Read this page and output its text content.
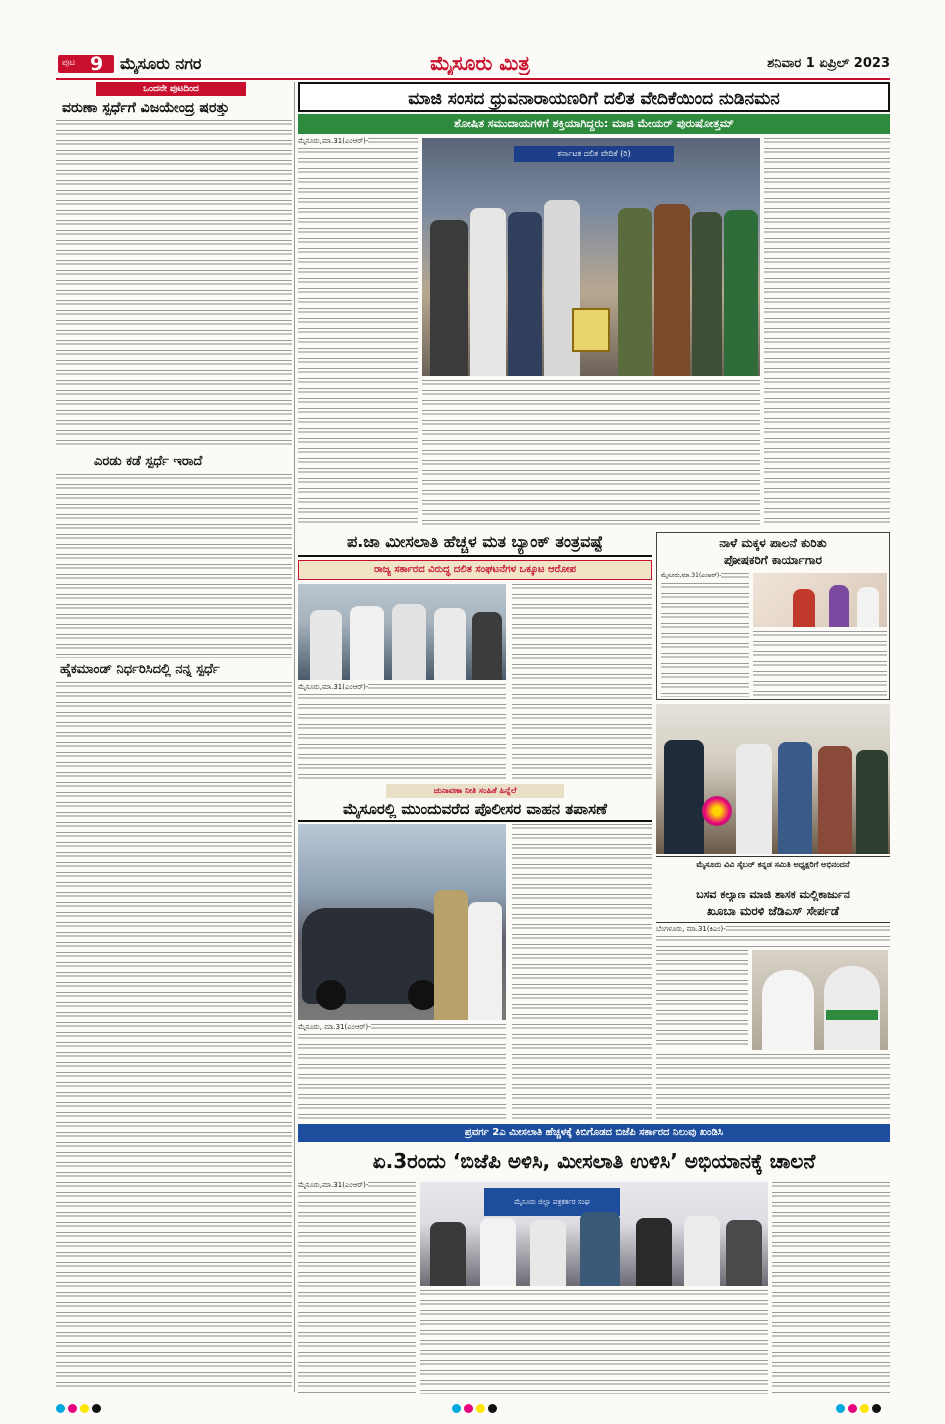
ಪುಟ 9 ಮೈಸೂರು ನಗರ	ಮೈಸೂರು ಮಿತ್ರ	ಶನಿವಾರ 1 ಏಪ್ರಿಲ್ 2023
ಒಂದನೇ ಪುಟದಿಂದ
ವರುಣಾ ಸ್ಪರ್ಧೆಗೆ ವಿಜಯೇಂದ್ರ ಷರತ್ತು
ಎರಡು ಕಡೆ ಸ್ಪರ್ಧೆ ಇರಾದೆ
ಹೈಕಮಾಂಡ್ ನಿರ್ಧರಿಸಿದಲ್ಲಿ ನನ್ನ ಸ್ಪರ್ಧೆ
ಮಾಜಿ ಸಂಸದ ಧ್ರುವನಾರಾಯಣರಿಗೆ ದಲಿತ ವೇದಿಕೆಯಿಂದ ನುಡಿನಮನ
ಶೋಷಿತ ಸಮುದಾಯಗಳಿಗೆ ಶಕ್ತಿಯಾಗಿದ್ದರು: ಮಾಜಿ ಮೇಯರ್ ಪುರುಷೋತ್ತಮ್
ಮೈಸೂರು,ಮಾ.31(ಎಂಆರ್)-
ಕರ್ನಾಟಕ ದಲಿತ ವೇದಿಕೆ (ರಿ)
ಪ.ಜಾ ಮೀಸಲಾತಿ ಹೆಚ್ಚಳ ಮತ ಬ್ಯಾಂಕ್ ತಂತ್ರವಷ್ಟೆ
ರಾಜ್ಯ ಸರ್ಕಾರದ ವಿರುದ್ಧ ದಲಿತ ಸಂಘಟನೆಗಳ ಒಕ್ಕೂಟ ಆರೋಪ
ಮೈಸೂರು,ಮಾ.31(ಎಂಆರ್)-
ನಾಳೆ ಮಕ್ಕಳ ಪಾಲನೆ ಕುರಿತು
ಪೋಷಕರಿಗೆ ಕಾರ್ಯಾಗಾರ
ಮೈಸೂರು,ಮಾ.31(ಎಂಆರ್)-
ಮೈಸೂರು ವಿವಿ ಸೈಬರ್ ಕನ್ನಡ ಸಮಿತಿ ಅಧ್ಯಕ್ಷರಿಗೆ ಅಭಿನಂದನೆ
ಚುನಾವಣಾ ನೀತಿ ಸಂಹಿತೆ ಹಿನ್ನೆಲೆ
ಮೈಸೂರಲ್ಲಿ ಮುಂದುವರೆದ ಪೊಲೀಸರ ವಾಹನ ತಪಾಸಣೆ
ಮೈಸೂರು, ಮಾ.31(ಎಂಆರ್)-
ಬಸವ ಕಲ್ಯಾಣ ಮಾಜಿ ಶಾಸಕ ಮಲ್ಲಿಕಾರ್ಜುನ
ಖೂಬಾ ಮರಳಿ ಜೆಡಿಎಸ್ ಸೇರ್ಪಡೆ
ಬೆಂಗಳೂರು, ಮಾ.31(ಕಿಎಂ)-
ಪ್ರವರ್ಗ 2ಎ ಮೀಸಲಾತಿ ಹೆಚ್ಚಳಕ್ಕೆ ಕಿಬಿಗೊಡದ ಬಿಜೆಪಿ ಸರ್ಕಾರದ ನಿಲುವು ಖಂಡಿಸಿ
ಏ.3ರಂದು ‘ಬಿಜೆಪಿ ಅಳಿಸಿ, ಮೀಸಲಾತಿ ಉಳಿಸಿ’ ಅಭಿಯಾನಕ್ಕೆ ಚಾಲನೆ
ಮೈಸೂರು,ಮಾ.31(ಎಂಆರ್)-
ಮೈಸೂರು ಜಿಲ್ಲಾ ಪತ್ರಕರ್ತರ ಸಂಘ
